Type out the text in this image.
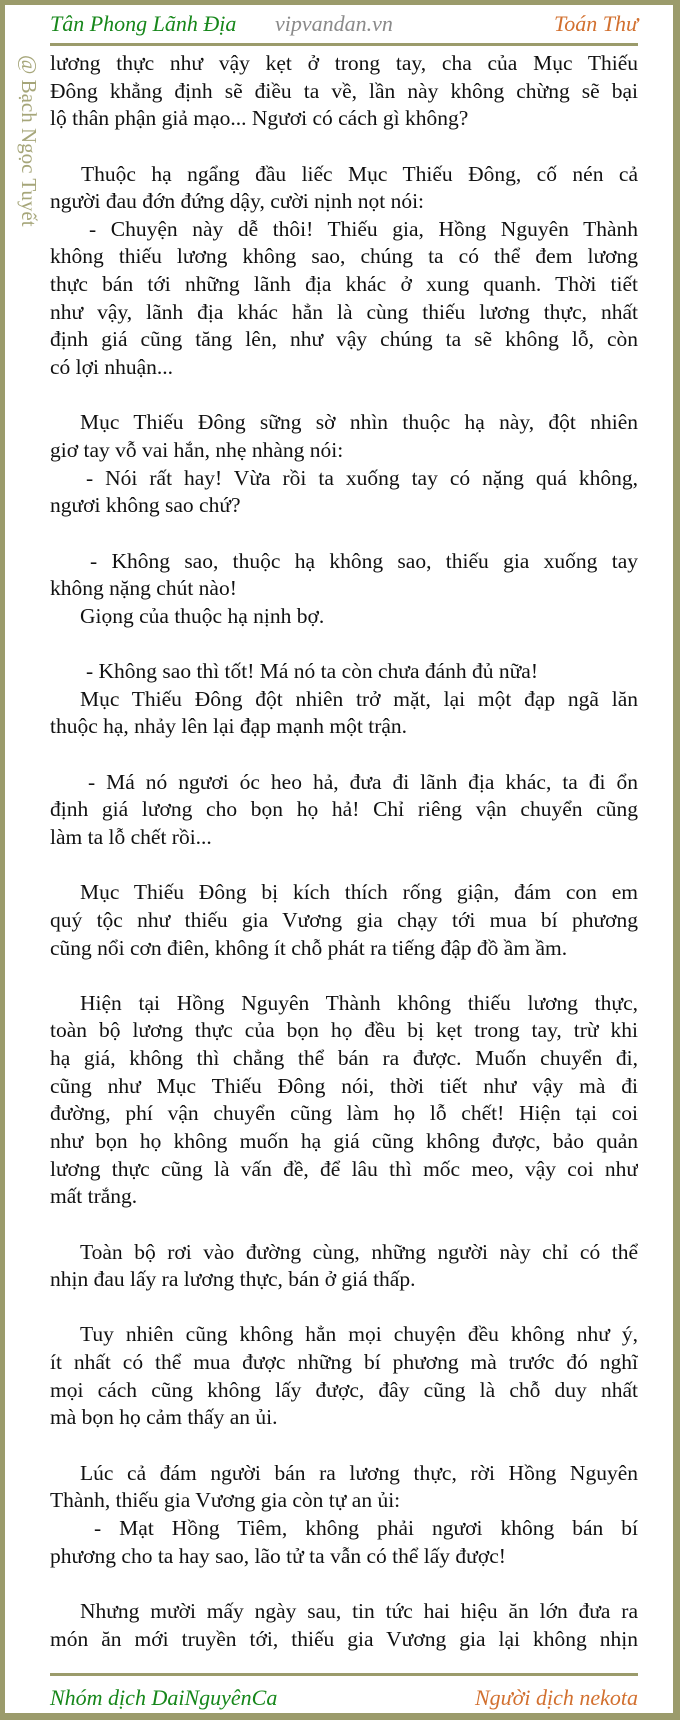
Tân Phong Lãnh Địa vipvandan.vn	Toán Thư
@ Bạch Ngọc Tuyết lương thực như vậy kẹt ở trong tay, cha của Mục Thiếu
Đông khẳng định sẽ điều ta về, lần này không chừng sẽ bại
lộ thân phận giả mạo... Ngươi có cách gì không?
Thuộc hạ ngẩng đầu liếc Mục Thiếu Đông, cố nén cả
người đau đớn đứng dậy, cười nịnh nọt nói:
- Chuyện này dễ thôi! Thiếu gia, Hồng Nguyên Thành
không thiếu lương không sao, chúng ta có thể đem lương
thực bán tới những lãnh địa khác ở xung quanh. Thời tiết
như vậy, lãnh địa khác hẳn là cùng thiếu lương thực, nhất
định giá cũng tăng lên, như vậy chúng ta sẽ không lỗ, còn
có lợi nhuận...
Mục Thiếu Đông sững sờ nhìn thuộc hạ này, đột nhiên
giơ tay vỗ vai hắn, nhẹ nhàng nói:
- Nói rất hay! Vừa rồi ta xuống tay có nặng quá không,
ngươi không sao chứ?
- Không sao, thuộc hạ không sao, thiếu gia xuống tay
không nặng chút nào!
Giọng của thuộc hạ nịnh bợ.
- Không sao thì tốt! Má nó ta còn chưa đánh đủ nữa!
Mục Thiếu Đông đột nhiên trở mặt, lại một đạp ngã lăn
thuộc hạ, nhảy lên lại đạp mạnh một trận.
- Má nó ngươi óc heo hả, đưa đi lãnh địa khác, ta đi ổn
định giá lương cho bọn họ hả! Chỉ riêng vận chuyển cũng
làm ta lỗ chết rồi...
Mục Thiếu Đông bị kích thích rống giận, đám con em
quý tộc như thiếu gia Vương gia chạy tới mua bí phương
cũng nổi cơn điên, không ít chỗ phát ra tiếng đập đồ ầm ầm.
Hiện tại Hồng Nguyên Thành không thiếu lương thực,
toàn bộ lương thực của bọn họ đều bị kẹt trong tay, trừ khi
hạ giá, không thì chẳng thể bán ra được. Muốn chuyển đi,
cũng như Mục Thiếu Đông nói, thời tiết như vậy mà đi
đường, phí vận chuyển cũng làm họ lỗ chết! Hiện tại coi
như bọn họ không muốn hạ giá cũng không được, bảo quản
lương thực cũng là vấn đề, để lâu thì mốc meo, vậy coi như
mất trắng.
Toàn bộ rơi vào đường cùng, những người này chỉ có thể
nhịn đau lấy ra lương thực, bán ở giá thấp.
Tuy nhiên cũng không hẳn mọi chuyện đều không như ý,
ít nhất có thể mua được những bí phương mà trước đó nghĩ
mọi cách cũng không lấy được, đây cũng là chỗ duy nhất
mà bọn họ cảm thấy an ủi.
Lúc cả đám người bán ra lương thực, rời Hồng Nguyên
Thành, thiếu gia Vương gia còn tự an ủi:
- Mạt Hồng Tiêm, không phải ngươi không bán bí
phương cho ta hay sao, lão tử ta vẫn có thể lấy được!
Nhưng mười mấy ngày sau, tin tức hai hiệu ăn lớn đưa ra
món ăn mới truyền tới, thiếu gia Vương gia lại không nhịn
Nhóm dịch DaiNguyênCa	Người dịch nekota
